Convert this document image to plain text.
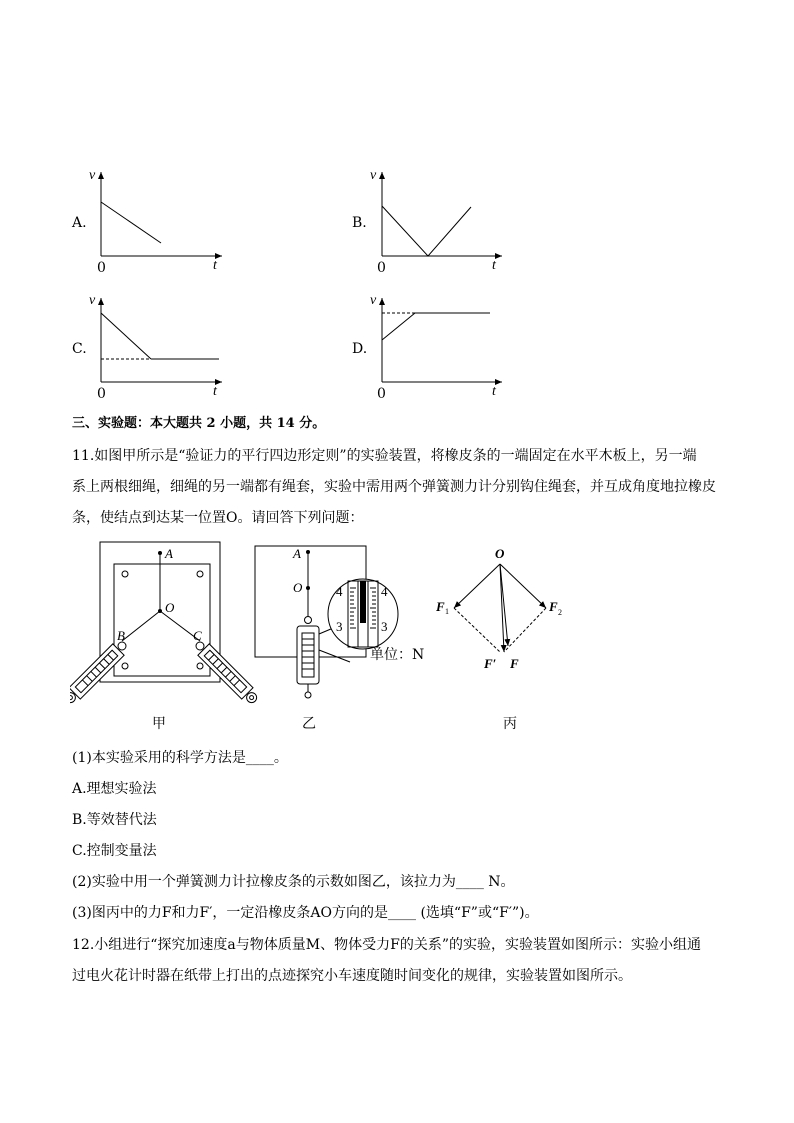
v
A.
0	t
v
B.
0	t
v
C.
0	t
v
D.
0	t
三、实验题：本大题共 2 小题，共 14 分。
11.如图甲所示是“验证力的平行四边形定则”的实验装置，将橡皮条的一端固定在水平木板上，另一端
系上两根细绳，细绳的另一端都有绳套，实验中需用两个弹簧测力计分别钩住绳套，并互成角度地拉橡皮
条，使结点到达某一位置O。请回答下列问题：
A
O
B	C
甲
4	4
3	3
A
O
单位：N
乙
O
F 1	F 2
F′ F
丙
(1)本实验采用的科学方法是____。
A.理想实验法
B.等效替代法
C.控制变量法
(2)实验中用一个弹簧测力计拉橡皮条的示数如图乙，该拉力为____ N。
(3)图丙中的力F和力F′，一定沿橡皮条AO方向的是____ (选填“F”或“F′”)。
12.小组进行“探究加速度a与物体质量M、物体受力F的关系”的实验，实验装置如图所示：实验小组通
过电火花计时器在纸带上打出的点迹探究小车速度随时间变化的规律，实验装置如图所示。
